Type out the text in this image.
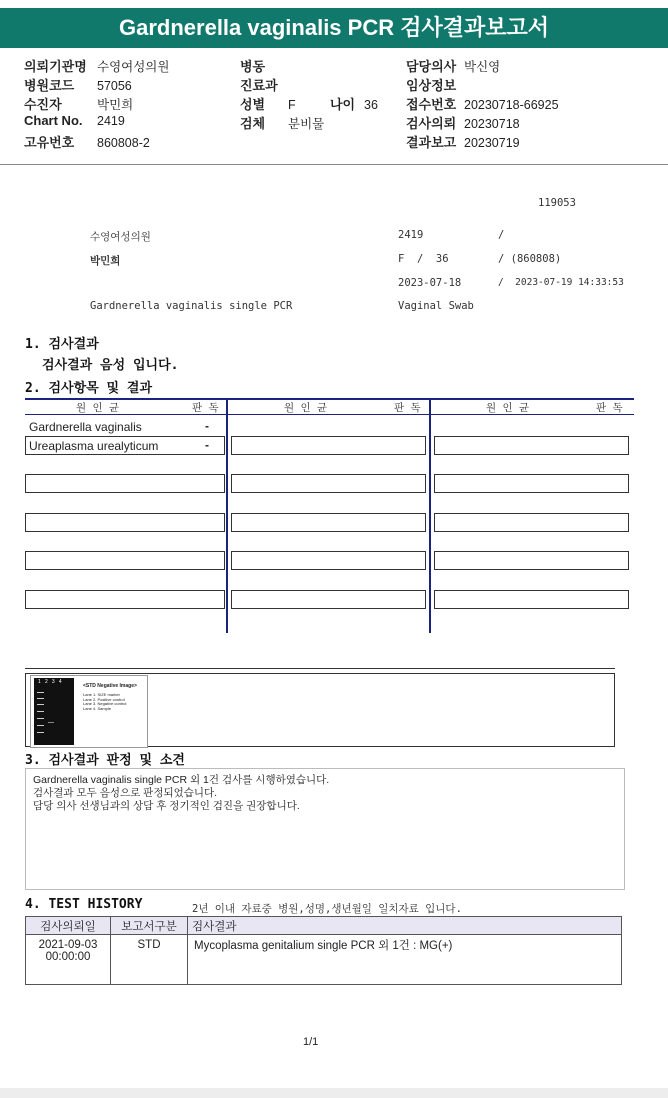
Gardnerella vaginalis PCR 검사결과보고서
의뢰기관명 수영여성의원
병원코드 57056
수진자	박민희
Chart No. 2419
고유번호 860808-2
병동
진료과
성별 F	나이 36
검체 분비물
담당의사 박신영
임상정보
접수번호 20230718-66925
검사의뢰 20230718
결과보고 20230719
119053
수영여성의원	2419	/
박민희	F  /  36	/ (860808)
2023-07-18	/  2023-07-19 14:33:53
Gardnerella vaginalis single PCR	Vaginal Swab
1. 검사결과
검사결과 음성 입니다.
2. 검사항목 및 결과
원 인 균	판 독	원 인 균	판 독	원 인 균	판 독
Gardnerella vaginalis	-
Ureaplasma urealyticum	-
1   2   3   4
<STD Negative Image>
Lane 1. SIZE marker
Lane 2. Positive control
Lane 3. Negative control
Lane 4. Sample
3. 검사결과 판정 및 소견
Gardnerella vaginalis single PCR 외 1건 검사를 시행하였습니다.
검사결과 모두 음성으로 판정되었습니다.
담당 의사 선생님과의 상담 후 정기적인 검진을 권장합니다.
4. TEST HISTORY	2년 이내 자료중 병원,성명,생년월일 일치자료 입니다.
검사의뢰일	보고서구분	검사결과

2021-09-03
00:00:00	STD	Mycoplasma genitalium single PCR 외 1건 : MG(+)
1/1
